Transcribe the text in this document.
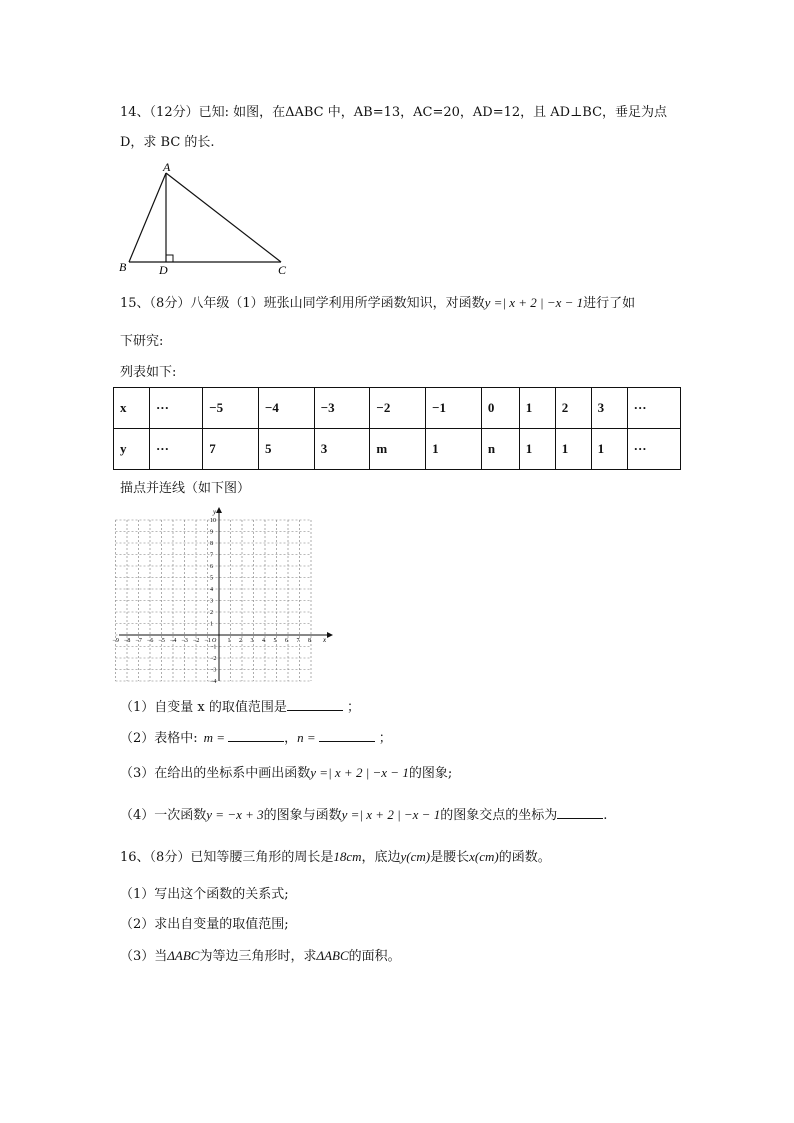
14、（12分）已知: 如图，在ΔABC 中，AB=13，AC=20，AD=12，且 AD⊥BC，垂足为点
D，求 BC 的长.
A
B	C
D
15、（8分）八年级（1）班张山同学利用所学函数知识，对函数y =| x + 2 | −x − 1进行了如
下研究:
列表如下:
x	···	−5	−4	−3	−2	−1	0	1	2	3	···
y	···	7	5	3	m	1	n	1	1	1	···
描点并连线（如下图）
x
y
O
−9 −8 −7 −6 −5 −4 −3 −2 −1	1 2 3 4 5 6 7 8
10
9
8
7
6
5
4
3
2
1
−1
−2
−3
−4
（1）自变量 x 的取值范围是	；
（2）表格中: m =	，n =	；
（3）在给出的坐标系中画出函数y =| x + 2 | −x − 1的图象;
（4）一次函数y = −x + 3的图象与函数y =| x + 2 | −x − 1的图象交点的坐标为	.
16、（8分）已知等腰三角形的周长是18cm，底边y(cm)是腰长x(cm)的函数。
（1）写出这个函数的关系式;
（2）求出自变量的取值范围;
（3）当ΔABC为等边三角形时，求ΔABC的面积。
